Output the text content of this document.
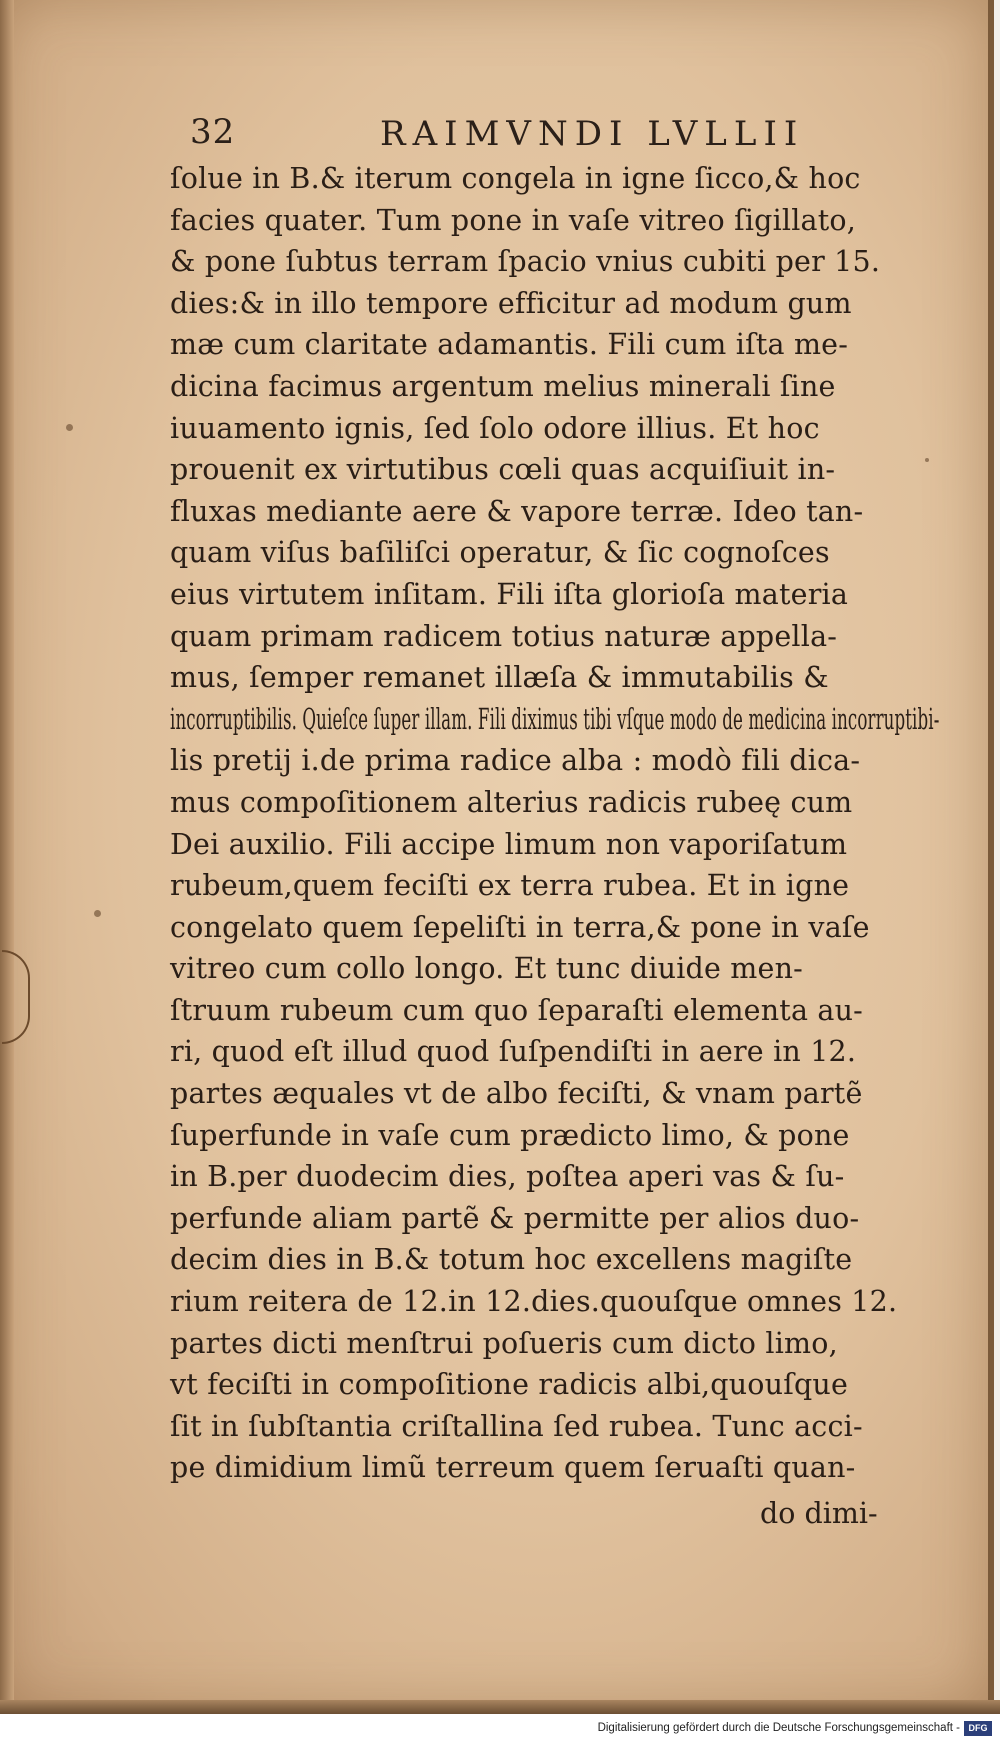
32	RAIMVNDI LVLLII
ſolue in B.& iterum congela in igne ſicco,& hoc
facies quater. Tum pone in vaſe vitreo ſigillato,
& pone ſubtus terram ſpacio vnius cubiti per 15.
dies:& in illo tempore efficitur ad modum gum
mæ cum claritate adamantis. Fili cum iſta me-
dicina facimus argentum melius minerali ſine
iuuamento ignis, ſed ſolo odore illius. Et hoc
prouenit ex virtutibus cœli quas acquiſiuit in-
fluxas mediante aere & vapore terræ. Ideo tan-
quam viſus baſiliſci operatur, & ſic cognoſces
eius virtutem inſitam. Fili iſta glorioſa materia
quam primam radicem totius naturæ appella-
mus, ſemper remanet illæſa & immutabilis &
incorruptibilis. Quieſce ſuper illam. Fili diximus tibi vſque modo de medicina incorruptibi-
lis pretij i.de prima radice alba : modò fili dica-
mus compoſitionem alterius radicis rubeę cum
Dei auxilio. Fili accipe limum non vaporiſatum
rubeum,quem feciſti ex terra rubea. Et in igne
congelato quem ſepeliſti in terra,& pone in vaſe
vitreo cum collo longo. Et tunc diuide men-
ſtruum rubeum cum quo ſeparaſti elementa au-
ri, quod eſt illud quod ſuſpendiſti in aere in 12.
partes æquales vt de albo feciſti, & vnam partẽ
ſuperfunde in vaſe cum prædicto limo, & pone
in B.per duodecim dies, poſtea aperi vas & ſu-
perfunde aliam partẽ & permitte per alios duo-
decim dies in B.& totum hoc excellens magiſte
rium reitera de 12.in 12.dies.quouſque omnes 12.
partes dicti menſtrui poſueris cum dicto limo,
vt feciſti in compoſitione radicis albi,quouſque
ſit in ſubſtantia criſtallina ſed rubea. Tunc acci-
pe dimidium limũ terreum quem ſeruaſti quan-
do dimi-
Digitalisierung gefördert durch die Deutsche Forschungsgemeinschaft - DFG
